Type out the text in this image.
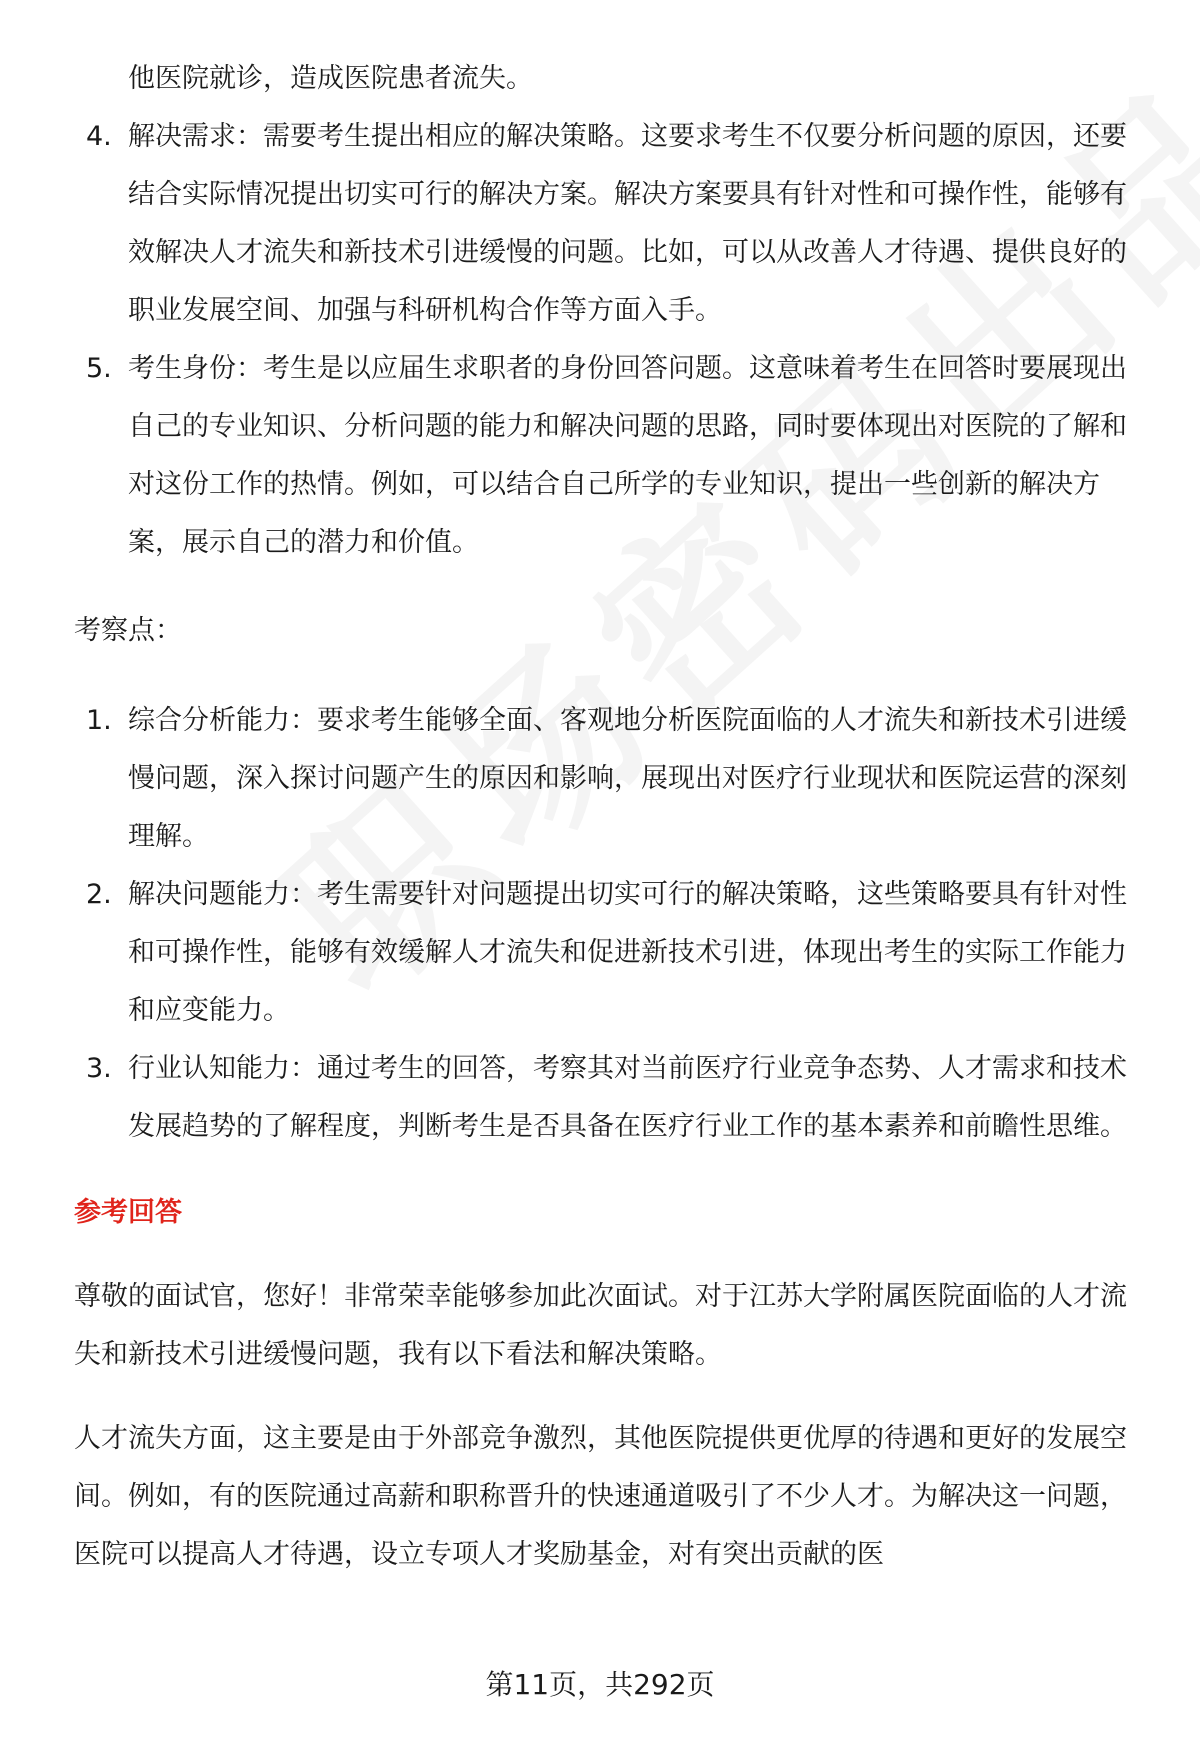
他医院就诊，造成医院患者流失。

4. 解决需求：需要考生提出相应的解决策略。这要求考生不仅要分析问题的原因，还要结合实际情况提出切实可行的解决方案。解决方案要具有针对性和可操作性，能够有效解决人才流失和新技术引进缓慢的问题。比如，可以从改善人才待遇、提供良好的职业发展空间、加强与科研机构合作等方面入手。
5. 考生身份：考生是以应届生求职者的身份回答问题。这意味着考生在回答时要展现出自己的专业知识、分析问题的能力和解决问题的思路，同时要体现出对医院的了解和对这份工作的热情。例如，可以结合自己所学的专业知识，提出一些创新的解决方案，展示自己的潜力和价值。

考察点：

1. 综合分析能力：要求考生能够全面、客观地分析医院面临的人才流失和新技术引进缓慢问题，深入探讨问题产生的原因和影响，展现出对医疗行业现状和医院运营的深刻理解。
2. 解决问题能力：考生需要针对问题提出切实可行的解决策略，这些策略要具有针对性和可操作性，能够有效缓解人才流失和促进新技术引进，体现出考生的实际工作能力和应变能力。
3. 行业认知能力：通过考生的回答，考察其对当前医疗行业竞争态势、人才需求和技术发展趋势的了解程度，判断考生是否具备在医疗行业工作的基本素养和前瞻性思维。
参考回答

尊敬的面试官，您好！非常荣幸能够参加此次面试。对于江苏大学附属医院面临的人才流失和新技术引进缓慢问题，我有以下看法和解决策略。

人才流失方面，这主要是由于外部竞争激烈，其他医院提供更优厚的待遇和更好的发展空间。例如，有的医院通过高薪和职称晋升的快速通道吸引了不少人才。为解决这一问题，医院可以提高人才待遇，设立专项人才奖励基金，对有突出贡献的医

第11页，共292页
